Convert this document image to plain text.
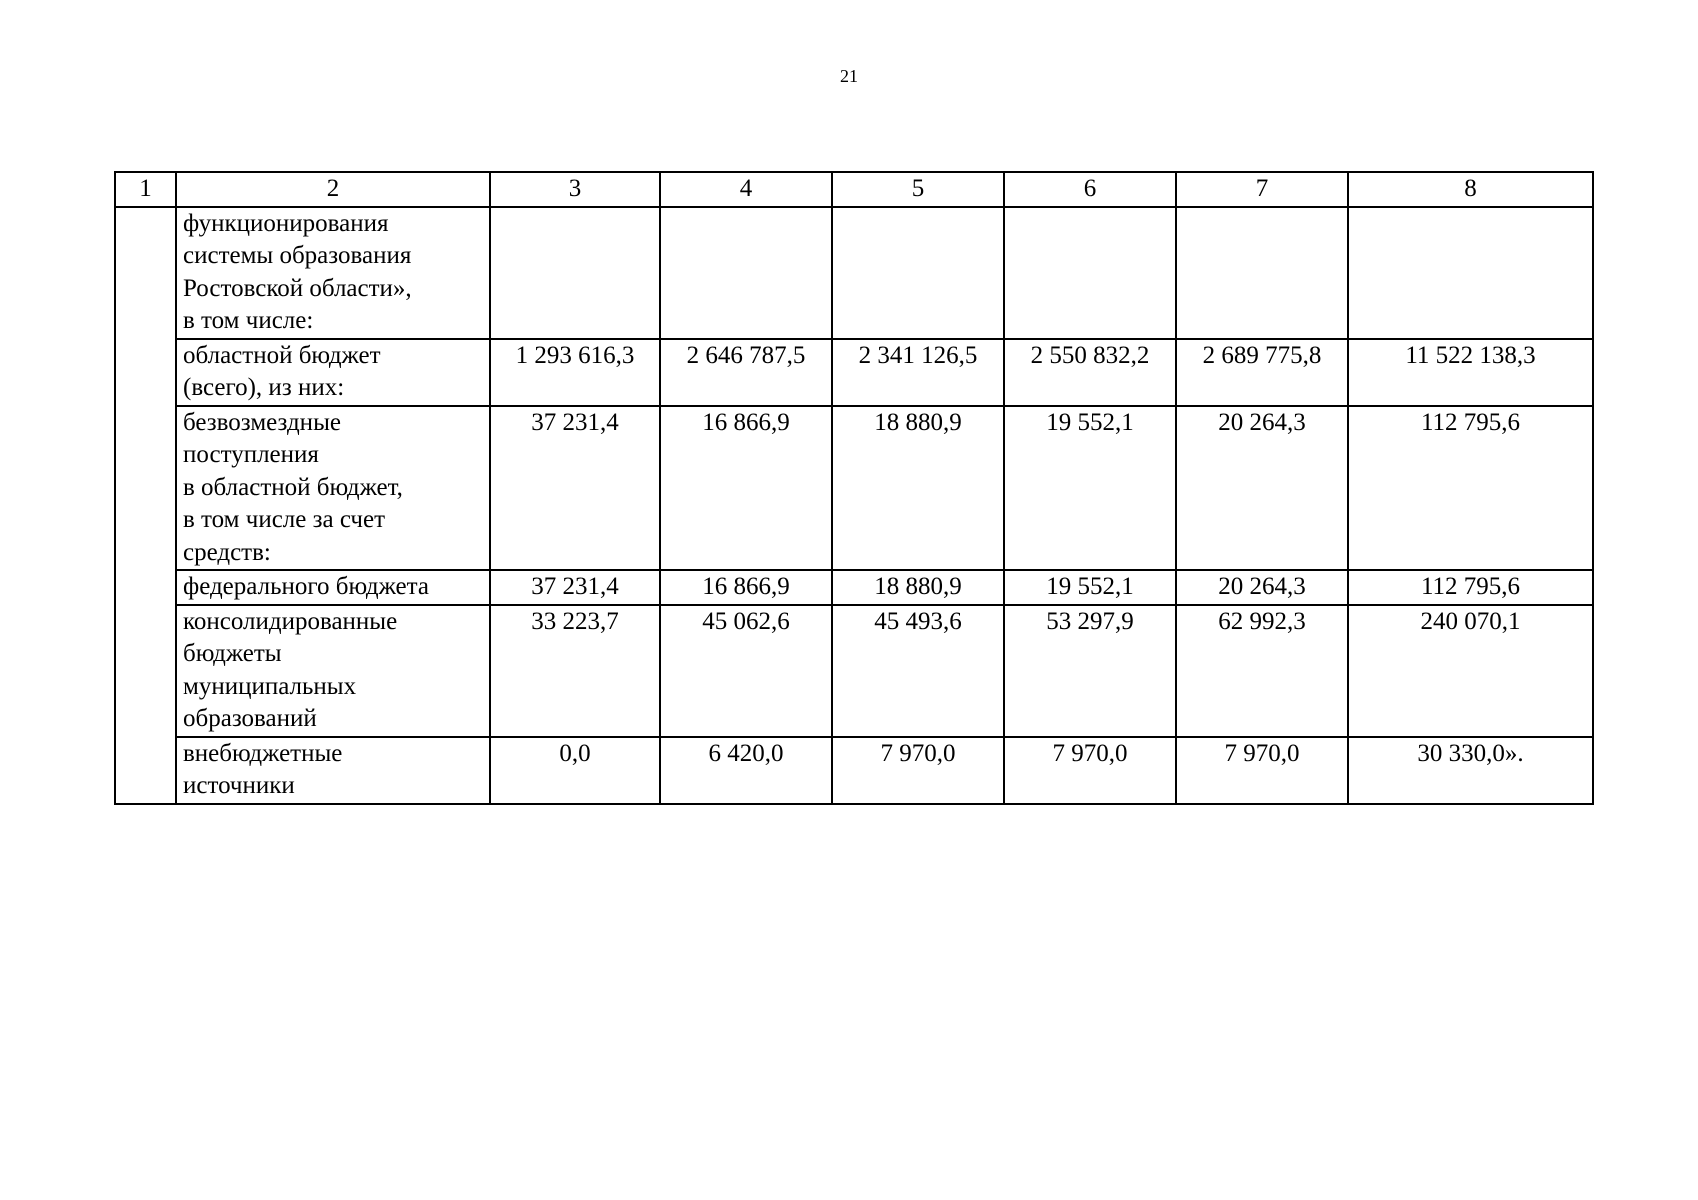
21
1	2	3	4	5	6	7	8
	функционирования
системы образования
Ростовской области»,
в том числе:						
	областной бюджет
(всего), из них:	1 293 616,3	2 646 787,5	2 341 126,5	2 550 832,2	2 689 775,8	11 522 138,3
	безвозмездные
поступления
в областной бюджет,
в том числе за счет
средств:	37 231,4	16 866,9	18 880,9	19 552,1	20 264,3	112 795,6
	федерального бюджета	37 231,4	16 866,9	18 880,9	19 552,1	20 264,3	112 795,6
	консолидированные
бюджеты
муниципальных
образований	33 223,7	45 062,6	45 493,6	53 297,9	62 992,3	240 070,1
	внебюджетные
источники	0,0	6 420,0	7 970,0	7 970,0	7 970,0	30 330,0».
